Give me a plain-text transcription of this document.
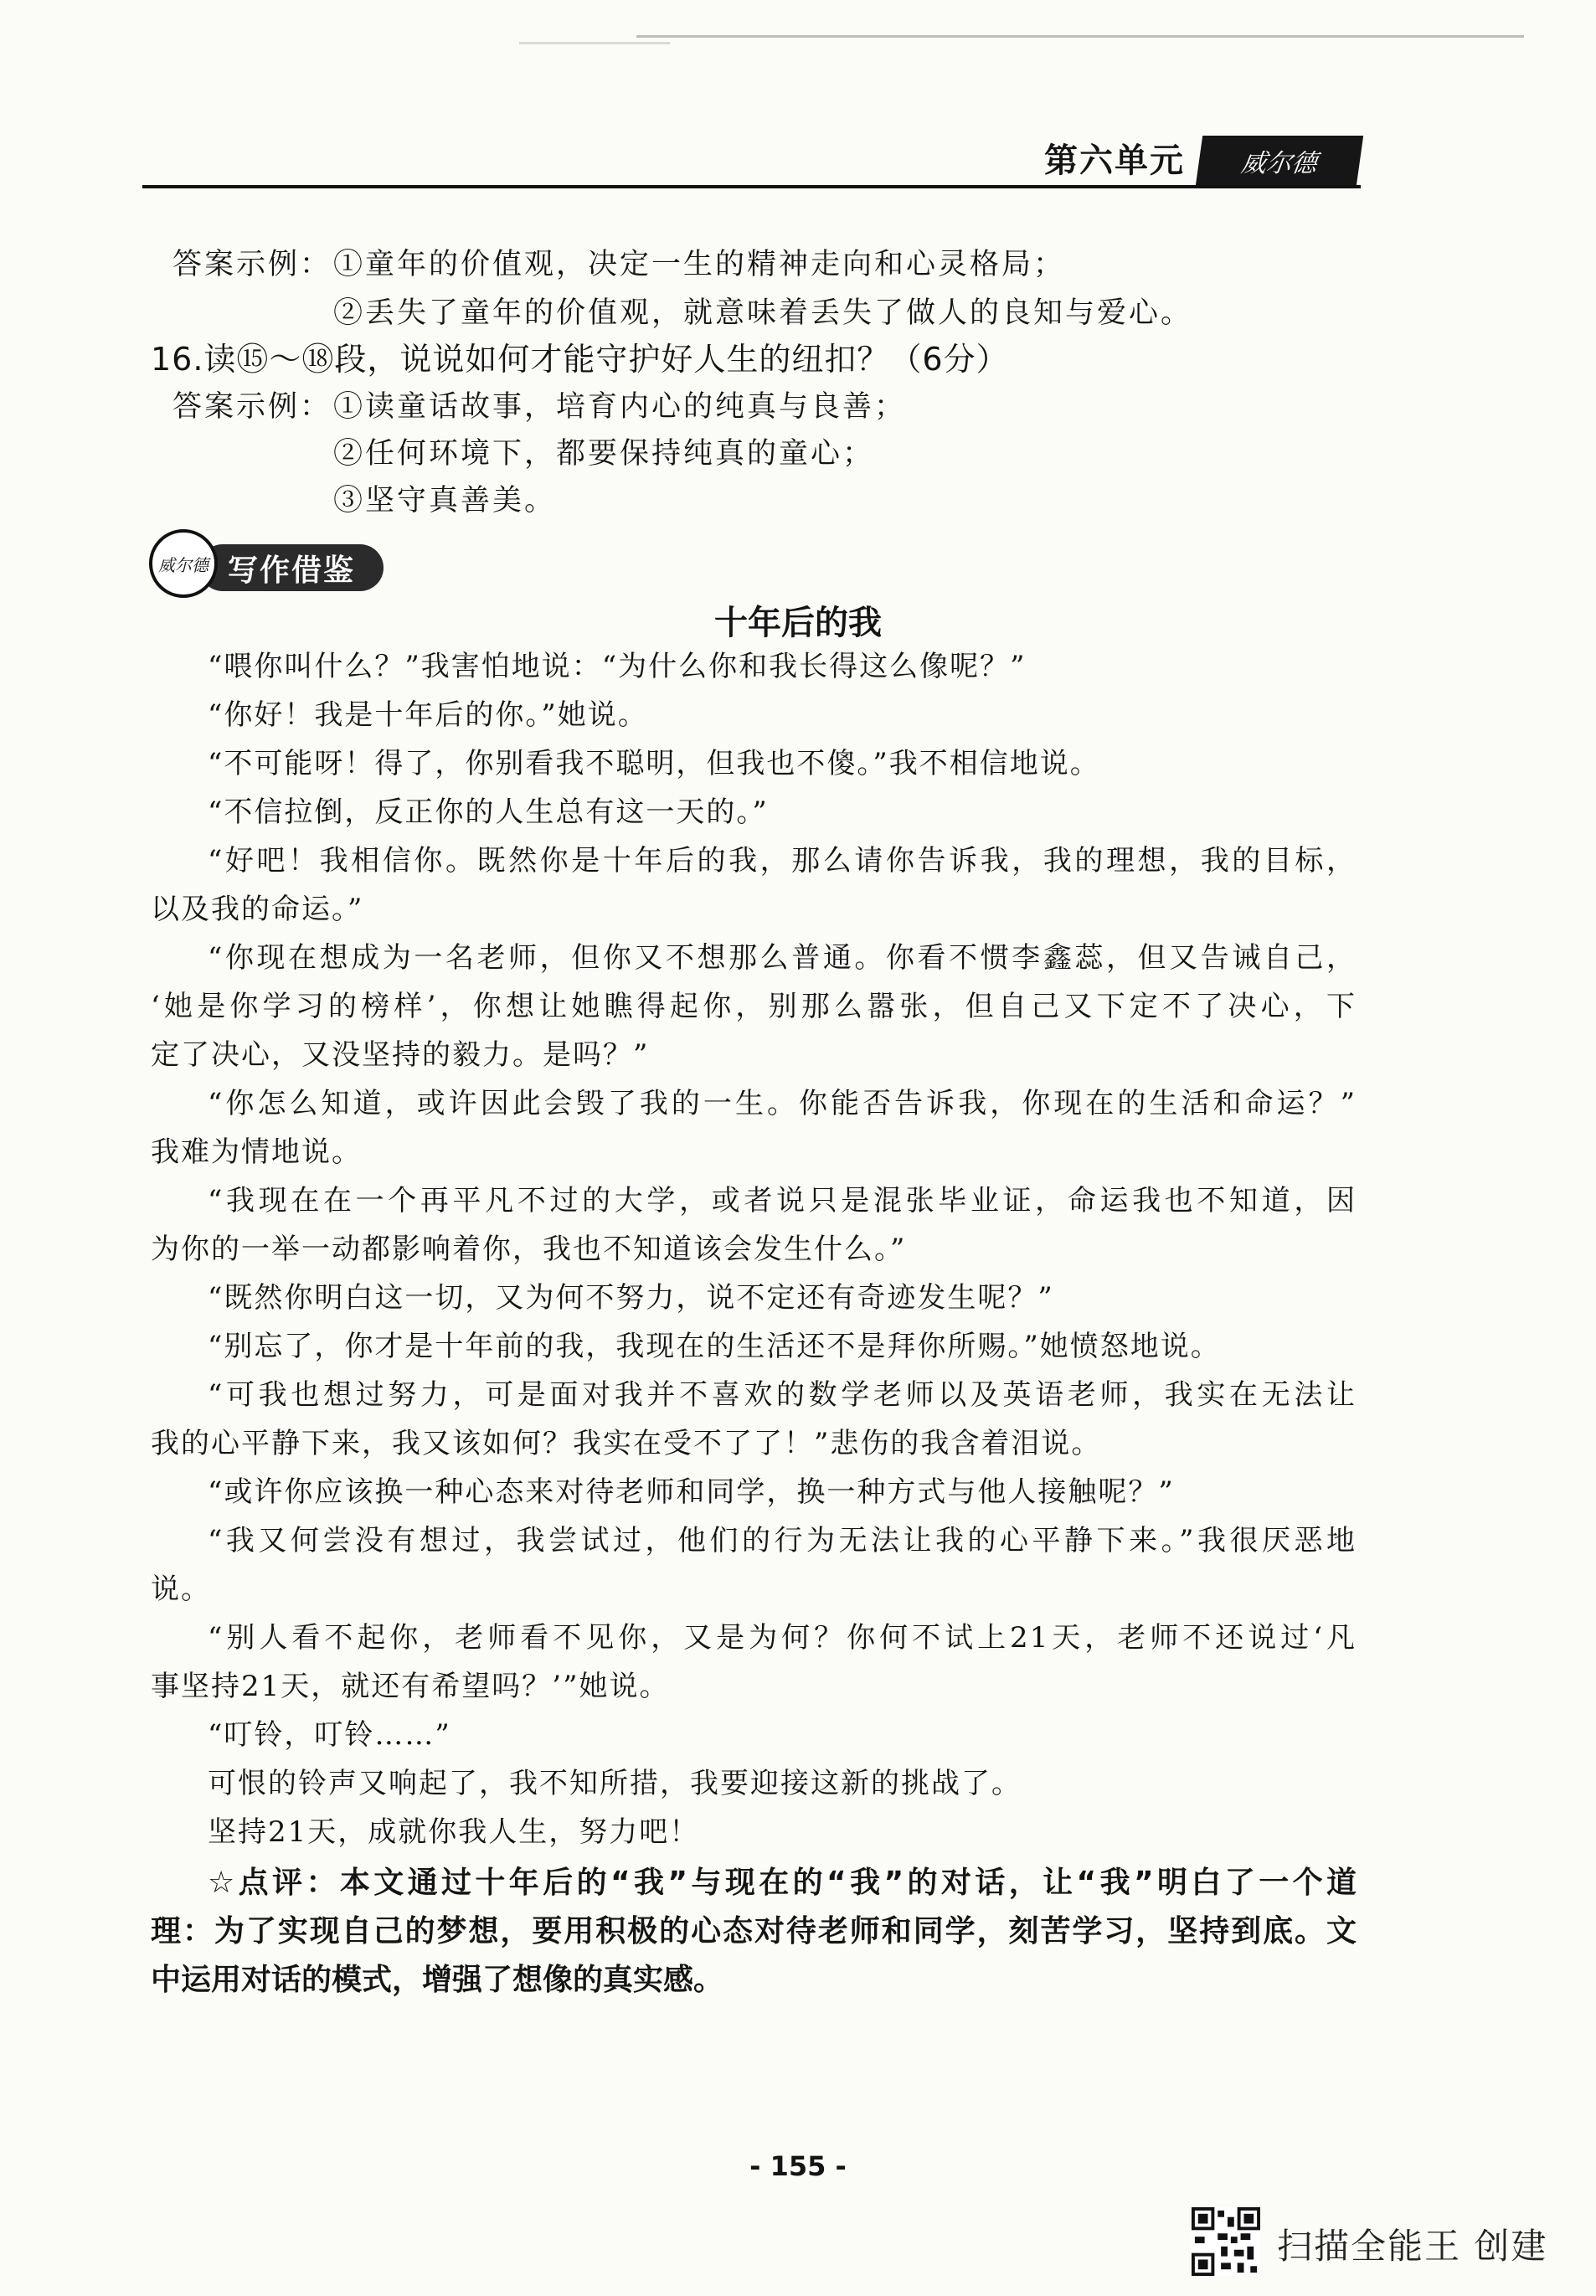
第六单元 威尔德
答案示例： ①童年的价值观，决定一生的精神走向和心灵格局；
②丢失了童年的价值观，就意味着丢失了做人的良知与爱心。
16.读⑮～⑱段，说说如何才能守护好人生的纽扣？（6分）
答案示例： ①读童话故事，培育内心的纯真与良善；
②任何环境下，都要保持纯真的童心；
③坚守真善美。
写作借鉴
威尔德
十年后的我
“喂你叫什么？”我害怕地说：“为什么你和我长得这么像呢？”
“你好！我是十年后的你。”她说。
“不可能呀！得了，你别看我不聪明，但我也不傻。”我不相信地说。
“不信拉倒，反正你的人生总有这一天的。”
“好吧！我相信你。既然你是十年后的我，那么请你告诉我，我的理想，我的目标，
以及我的命运。”
“你现在想成为一名老师，但你又不想那么普通。你看不惯李鑫蕊，但又告诫自己，
‘她是你学习的榜样’，你想让她瞧得起你，别那么嚣张，但自己又下定不了决心，下
定了决心，又没坚持的毅力。是吗？”
“你怎么知道，或许因此会毁了我的一生。你能否告诉我，你现在的生活和命运？”
我难为情地说。
“我现在在一个再平凡不过的大学，或者说只是混张毕业证，命运我也不知道，因
为你的一举一动都影响着你，我也不知道该会发生什么。”
“既然你明白这一切，又为何不努力，说不定还有奇迹发生呢？”
“别忘了，你才是十年前的我，我现在的生活还不是拜你所赐。”她愤怒地说。
“可我也想过努力，可是面对我并不喜欢的数学老师以及英语老师，我实在无法让
我的心平静下来，我又该如何？我实在受不了了！”悲伤的我含着泪说。
“或许你应该换一种心态来对待老师和同学，换一种方式与他人接触呢？”
“我又何尝没有想过，我尝试过，他们的行为无法让我的心平静下来。”我很厌恶地
说。
“别人看不起你，老师看不见你，又是为何？你何不试上21天，老师不还说过‘凡
事坚持21天，就还有希望吗？’”她说。
“叮铃，叮铃……”
可恨的铃声又响起了，我不知所措，我要迎接这新的挑战了。
坚持21天，成就你我人生，努力吧！
☆点评：本文通过十年后的“我”与现在的“我”的对话，让“我”明白了一个道
理：为了实现自己的梦想，要用积极的心态对待老师和同学，刻苦学习，坚持到底。文
中运用对话的模式，增强了想像的真实感。
- 155 -
扫描全能王 创建
